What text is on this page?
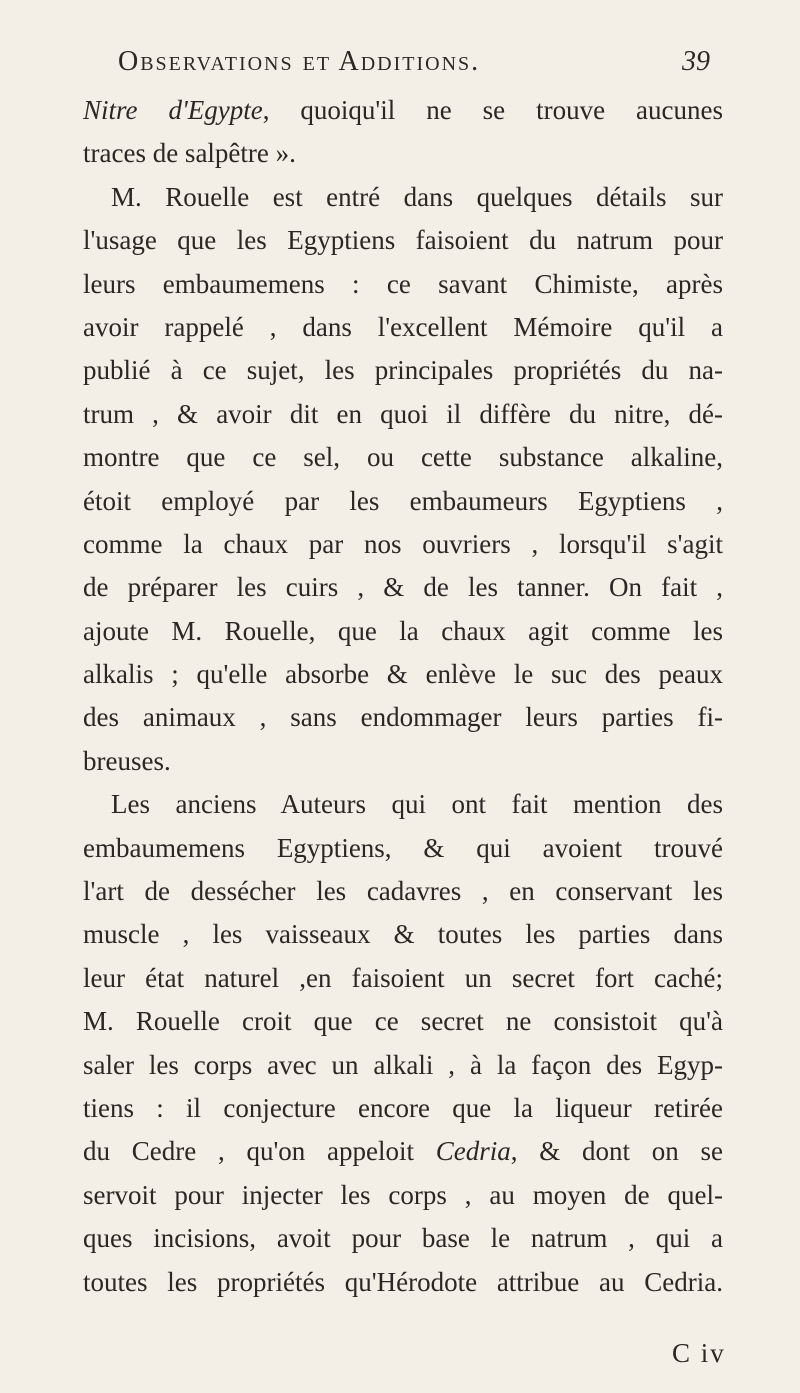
Observations et Additions.	39
Nitre d'Egypte, quoiqu'il ne se trouve aucunes
traces de salpêtre ».
M. Rouelle est entré dans quelques détails sur
l'usage que les Egyptiens faisoient du natrum pour
leurs embaumemens : ce savant Chimiste, après
avoir rappelé , dans l'excellent Mémoire qu'il a
publié à ce sujet, les principales propriétés du na-
trum , & avoir dit en quoi il diffère du nitre, dé-
montre que ce sel, ou cette substance alkaline,
étoit employé par les embaumeurs Egyptiens ,
comme la chaux par nos ouvriers , lorsqu'il s'agit
de préparer les cuirs , & de les tanner. On fait ,
ajoute M. Rouelle, que la chaux agit comme les
alkalis ; qu'elle absorbe & enlève le suc des peaux
des animaux , sans endommager leurs parties fi-
breuses.
Les anciens Auteurs qui ont fait mention des
embaumemens Egyptiens, & qui avoient trouvé
l'art de dessécher les cadavres , en conservant les
muscle , les vaisseaux & toutes les parties dans
leur état naturel ,en faisoient un secret fort caché;
M. Rouelle croit que ce secret ne consistoit qu'à
saler les corps avec un alkali , à la façon des Egyp-
tiens : il conjecture encore que la liqueur retirée
du Cedre , qu'on appeloit Cedria, & dont on se
servoit pour injecter les corps , au moyen de quel-
ques incisions, avoit pour base le natrum , qui a
toutes les propriétés qu'Hérodote attribue au Cedria.
C iv
